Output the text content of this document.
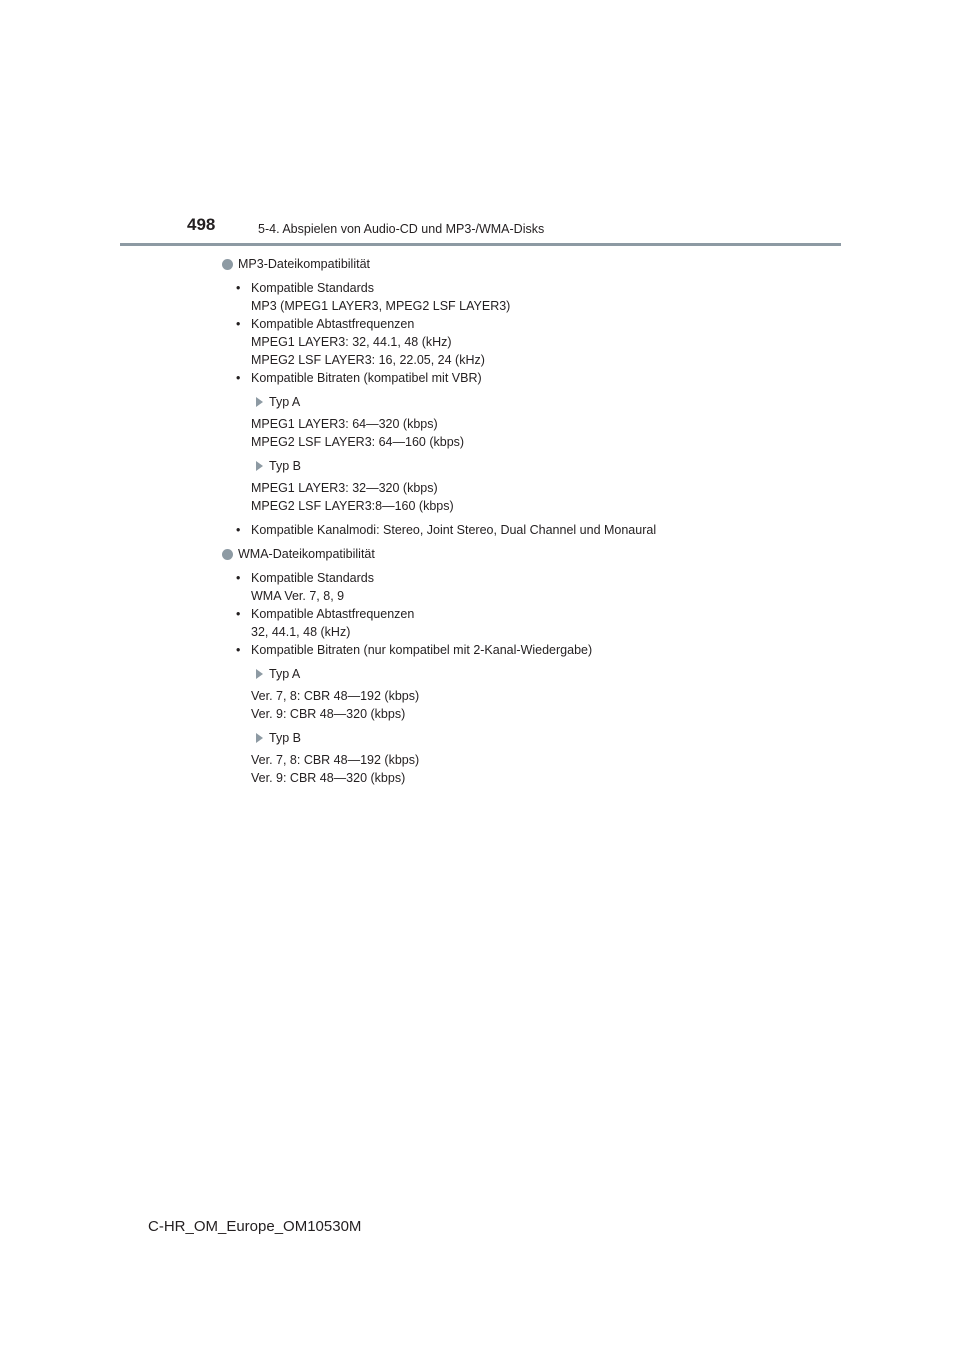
498	5-4. Abspielen von Audio-CD und MP3-/WMA-Disks
MP3-Dateikompatibilität
• Kompatible Standards
MP3 (MPEG1 LAYER3, MPEG2 LSF LAYER3)
• Kompatible Abtastfrequenzen
MPEG1 LAYER3: 32, 44.1, 48 (kHz)
MPEG2 LSF LAYER3: 16, 22.05, 24 (kHz)
• Kompatible Bitraten (kompatibel mit VBR)
Typ A
MPEG1 LAYER3: 64—320 (kbps)
MPEG2 LSF LAYER3: 64—160 (kbps)
Typ B
MPEG1 LAYER3: 32—320 (kbps)
MPEG2 LSF LAYER3:8—160 (kbps)
• Kompatible Kanalmodi: Stereo, Joint Stereo, Dual Channel und Monaural
WMA-Dateikompatibilität
• Kompatible Standards
WMA Ver. 7, 8, 9
• Kompatible Abtastfrequenzen
32, 44.1, 48 (kHz)
• Kompatible Bitraten (nur kompatibel mit 2-Kanal-Wiedergabe)
Typ A
Ver. 7, 8: CBR 48—192 (kbps)
Ver. 9: CBR 48—320 (kbps)
Typ B
Ver. 7, 8: CBR 48—192 (kbps)
Ver. 9: CBR 48—320 (kbps)
C-HR_OM_Europe_OM10530M
